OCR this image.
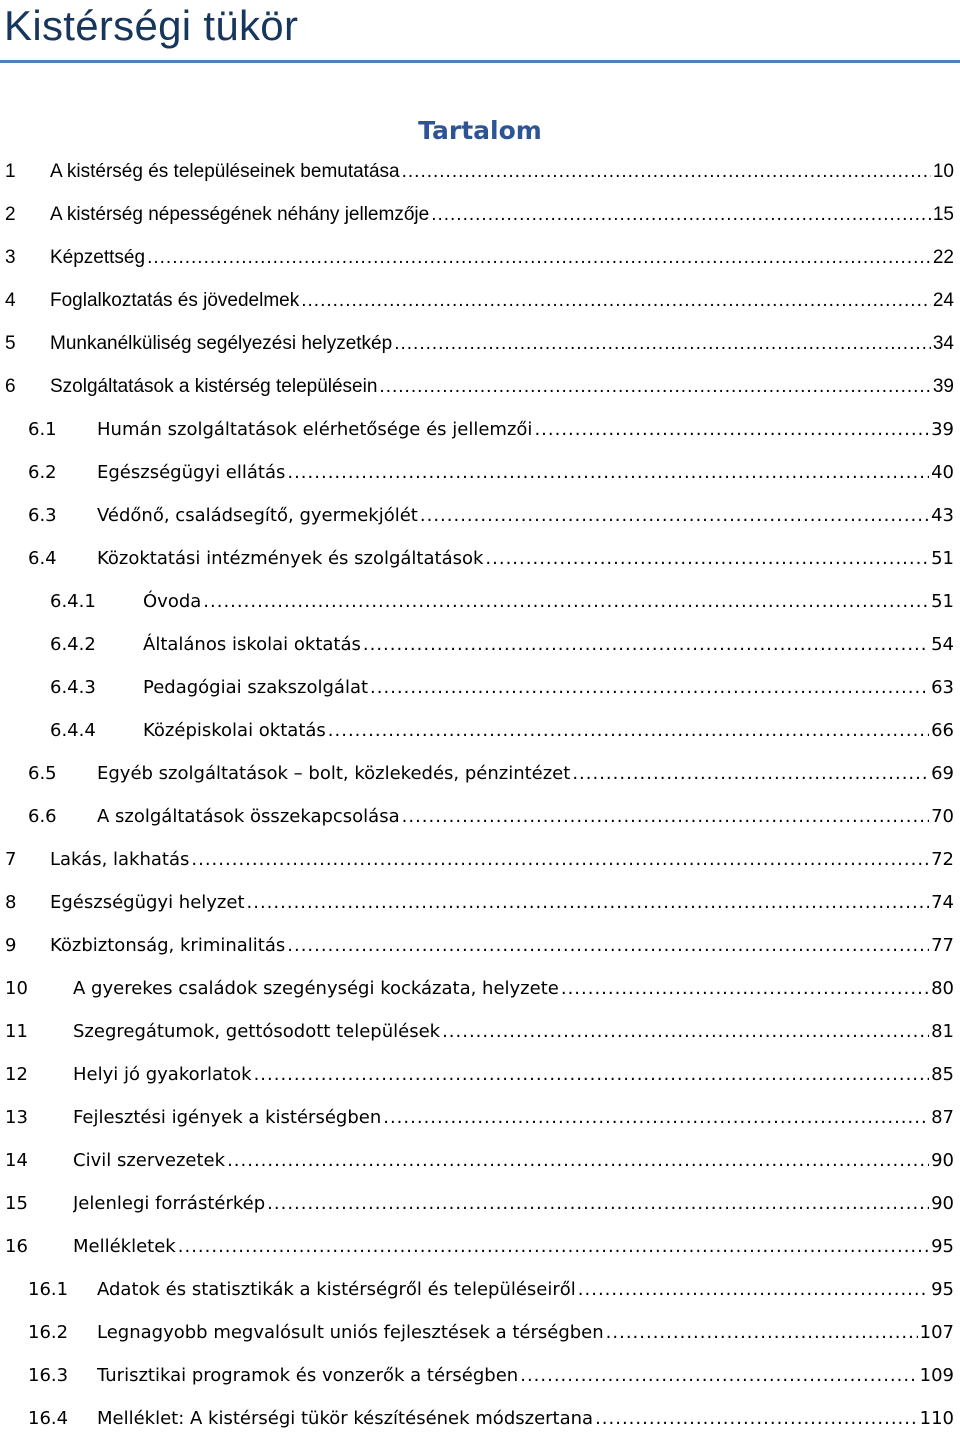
Kistérségi tükör
Tartalom
1 A kistérség és településeinek bemutatása .....	10
2 A kistérség népességének néhány jellemzője .....	15
3 Képzettség .....	22
4 Foglalkoztatás és jövedelmek .....	24
5 Munkanélküliség segélyezési helyzetkép .....	34
6 Szolgáltatások a kistérség településein .....	39
6.1 Humán szolgáltatások elérhetősége és jellemzői .....	39
6.2 Egészségügyi ellátás .....	40
6.3 Védőnő, családsegítő, gyermekjólét .....	43
6.4 Közoktatási intézmények és szolgáltatások .....	51
6.4.1	Óvoda .....	51
6.4.2	Általános iskolai oktatás .....	54
6.4.3	Pedagógiai szakszolgálat .....	63
6.4.4	Középiskolai oktatás .....	66
6.5 Egyéb szolgáltatások – bolt, közlekedés, pénzintézet .....	69
6.6 A szolgáltatások összekapcsolása .....	70
7 Lakás, lakhatás .....	72
8 Egészségügyi helyzet .....	74
9 Közbiztonság, kriminalitás .....	77
10	A gyerekes családok szegénységi kockázata, helyzete .....	80
11	Szegregátumok, gettósodott települések .....	81
12	Helyi jó gyakorlatok .....	85
13	Fejlesztési igények a kistérségben .....	87
14	Civil szervezetek .....	90
15	Jelenlegi forrástérkép .....	90
16	Mellékletek .....	95
16.1 Adatok és statisztikák a kistérségről és településeiről .....	95
16.2 Legnagyobb megvalósult uniós fejlesztések a térségben .....	107
16.3 Turisztikai programok és vonzerők a térségben .....	109
16.4 Melléklet: A kistérségi tükör készítésének módszertana .....	110
